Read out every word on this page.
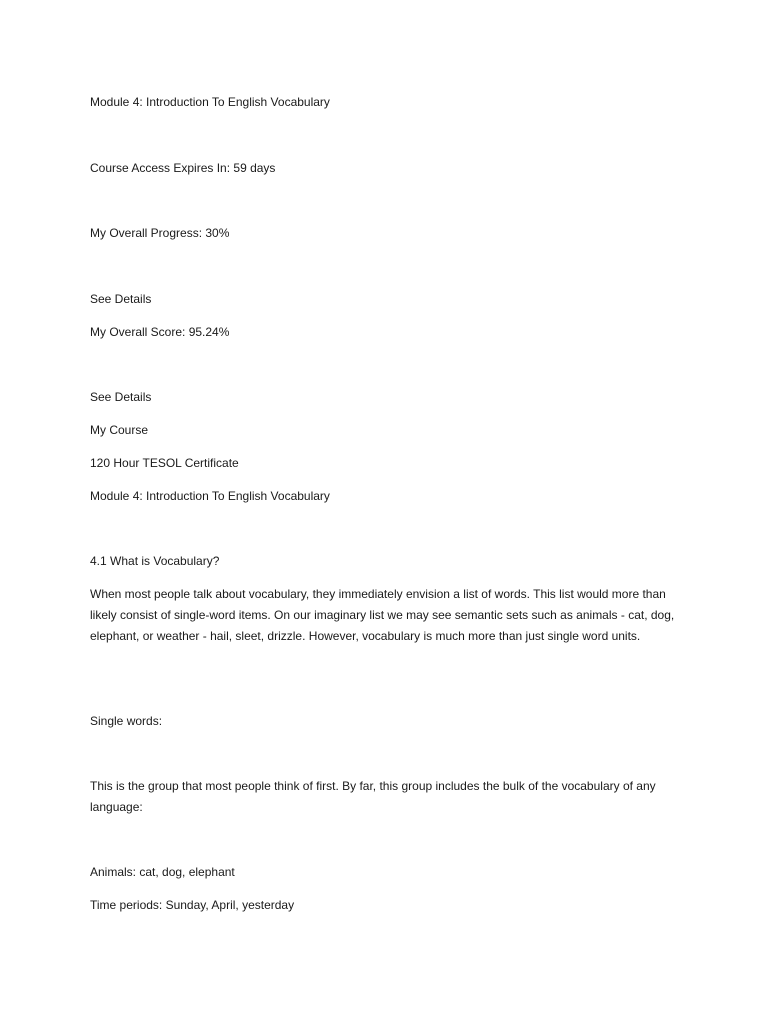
Module 4: Introduction To English Vocabulary

Course Access Expires In: 59 days

My Overall Progress: 30%

See Details

My Overall Score: 95.24%

See Details

My Course

120 Hour TESOL Certificate

Module 4: Introduction To English Vocabulary

4.1 What is Vocabulary?

When most people talk about vocabulary, they immediately envision a list of words. This list would more than likely consist of single-word items. On our imaginary list we may see semantic sets such as animals - cat, dog, elephant, or weather - hail, sleet, drizzle. However, vocabulary is much more than just single word units.

Single words:

This is the group that most people think of first. By far, this group includes the bulk of the vocabulary of any language:

Animals: cat, dog, elephant

Time periods: Sunday, April, yesterday
